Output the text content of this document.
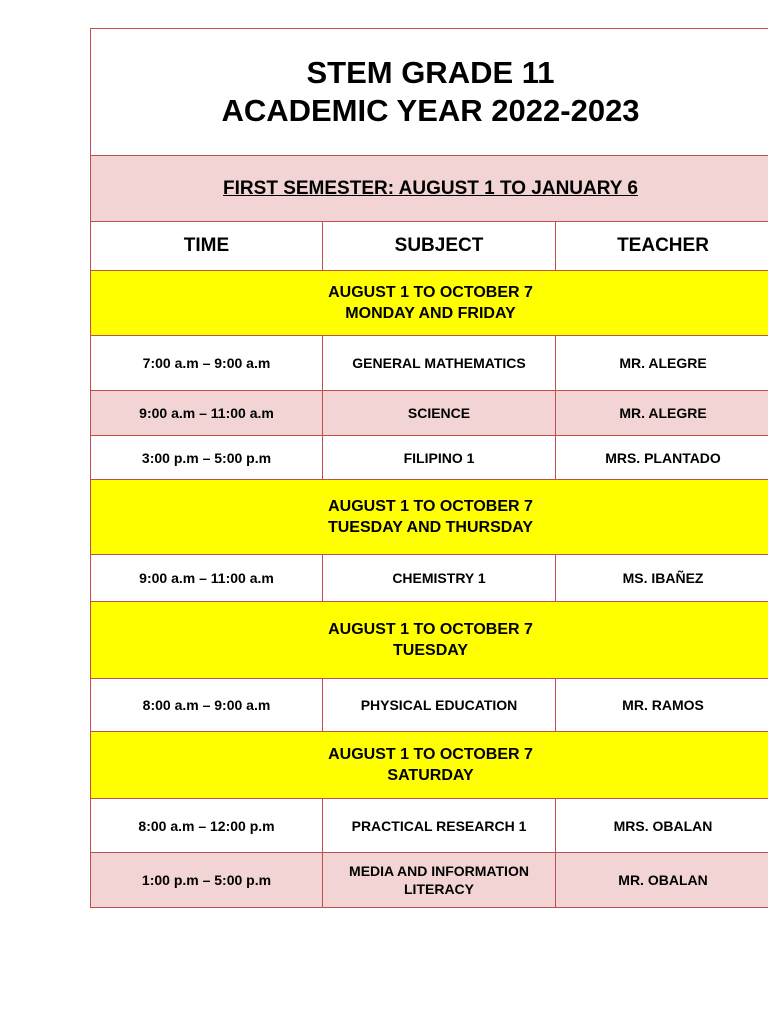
STEM GRADE 11
ACADEMIC YEAR 2022-2023		

FIRST SEMESTER: AUGUST 1 TO JANUARY 6		
TIME	SUBJECT	TEACHER

AUGUST 1 TO OCTOBER 7
MONDAY AND FRIDAY		

7:00 a.m – 9:00 a.m	GENERAL MATHEMATICS	MR. ALEGRE
9:00 a.m – 11:00 a.m	SCIENCE	MR. ALEGRE
3:00 p.m – 5:00 p.m	FILIPINO 1	MRS. PLANTADO

AUGUST 1 TO OCTOBER 7
TUESDAY AND THURSDAY		

9:00 a.m – 11:00 a.m	CHEMISTRY 1	MS. IBAÑEZ

AUGUST 1 TO OCTOBER 7
TUESDAY		

8:00 a.m – 9:00 a.m	PHYSICAL EDUCATION	MR. RAMOS

AUGUST 1 TO OCTOBER 7
SATURDAY		

8:00 a.m – 12:00 p.m	PRACTICAL RESEARCH 1	MRS. OBALAN
1:00 p.m – 5:00 p.m	MEDIA AND INFORMATION LITERACY	MR. OBALAN
